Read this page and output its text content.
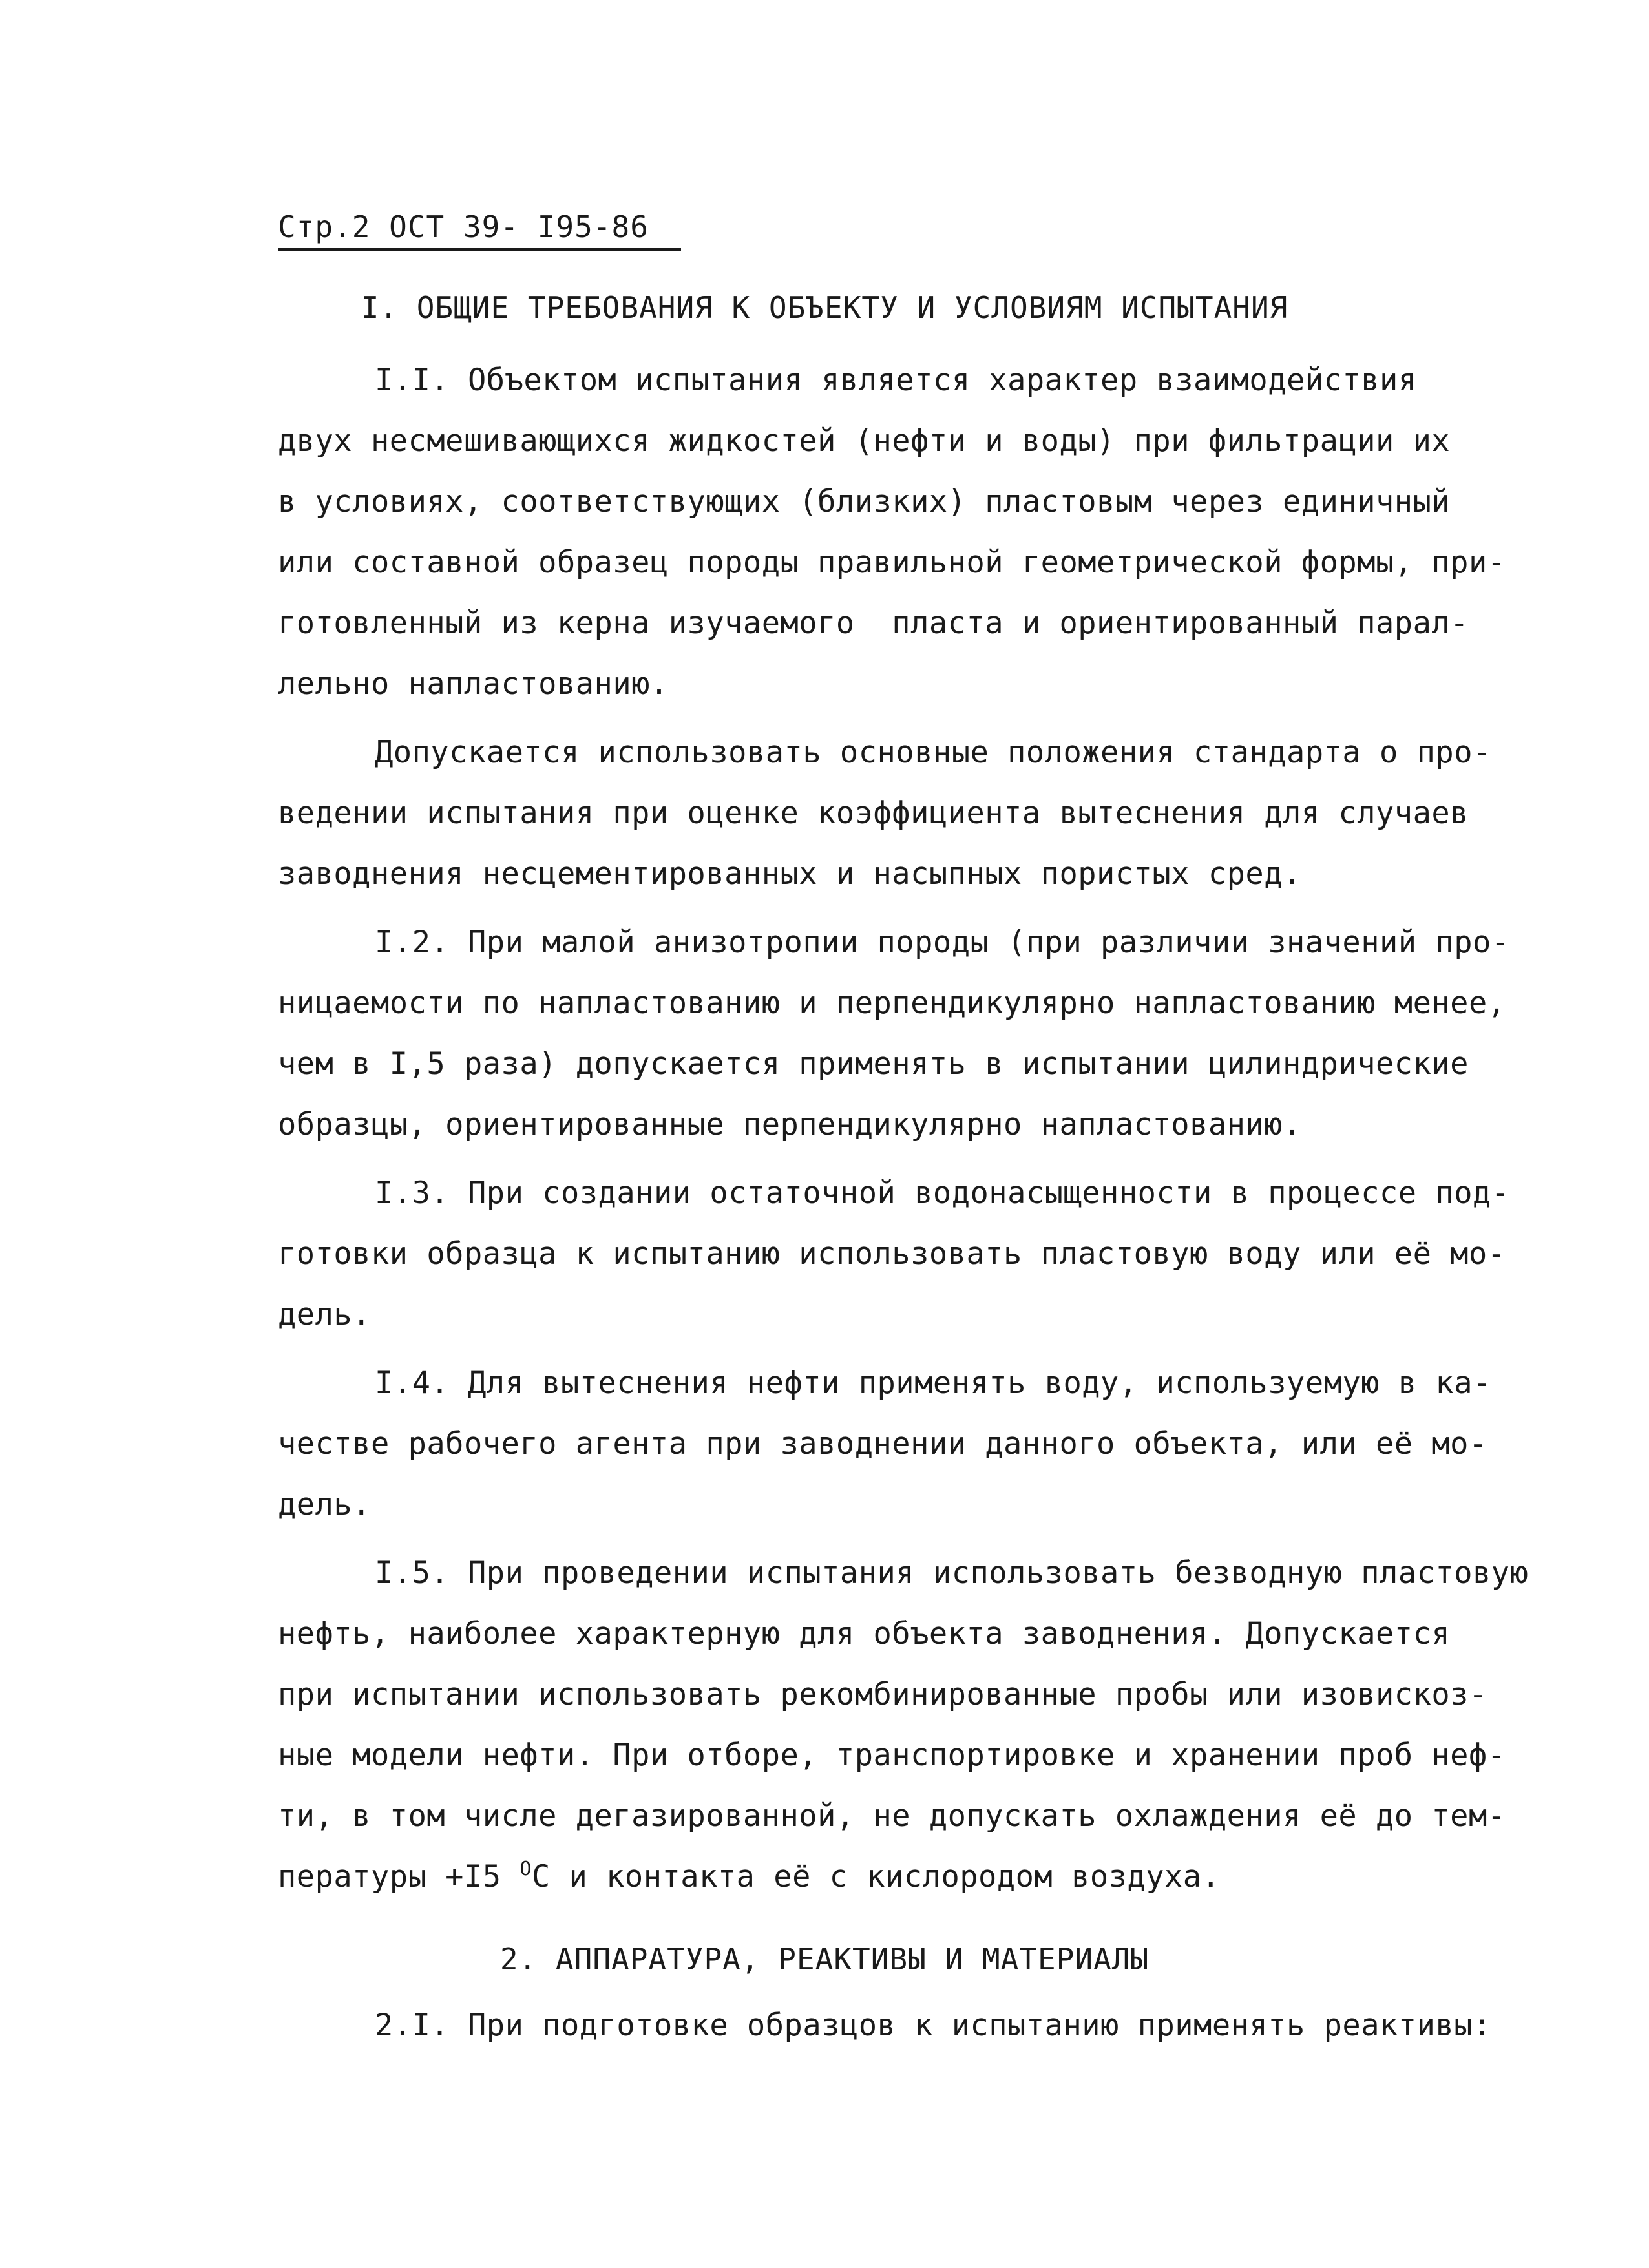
Стр.2 ОСТ 39- I95-86
I. ОБЩИЕ ТРЕБОВАНИЯ К ОБЪЕКТУ И УСЛОВИЯМ ИСПЫТАНИЯ
I.I. Объектом испытания является характер взаимодействия
двух несмешивающихся жидкостей (нефти и воды) при фильтрации их
в условиях, соответствующих (близких) пластовым через единичный
или составной образец породы правильной геометрической формы, при-
готовленный из керна изучаемого  пласта и ориентированный парал-
лельно напластованию.
Допускается использовать основные положения стандарта о про-
ведении испытания при оценке коэффициента вытеснения для случаев
заводнения несцементированных и насыпных пористых сред.
I.2. При малой анизотропии породы (при различии значений про-
ницаемости по напластованию и перпендикулярно напластованию менее,
чем в I,5 раза) допускается применять в испытании цилиндрические
образцы, ориентированные перпендикулярно напластованию.
I.3. При создании остаточной водонасыщенности в процессе под-
готовки образца к испытанию использовать пластовую воду или её мо-
дель.
I.4. Для вытеснения нефти применять воду, используемую в ка-
честве рабочего агента при заводнении данного объекта, или её мо-
дель.
I.5. При проведении испытания использовать безводную пластовую
нефть, наиболее характерную для объекта заводнения. Допускается
при испытании использовать рекомбинированные пробы или изовискоз-
ные модели нефти. При отборе, транспортировке и хранении проб неф-
ти, в том числе дегазированной, не допускать охлаждения её до тем-
пературы +I5 $^О$С и контакта её с кислородом воздуха.
2. АППАРАТУРА, РЕАКТИВЫ И МАТЕРИАЛЫ
2.I. При подготовке образцов к испытанию применять реактивы:
